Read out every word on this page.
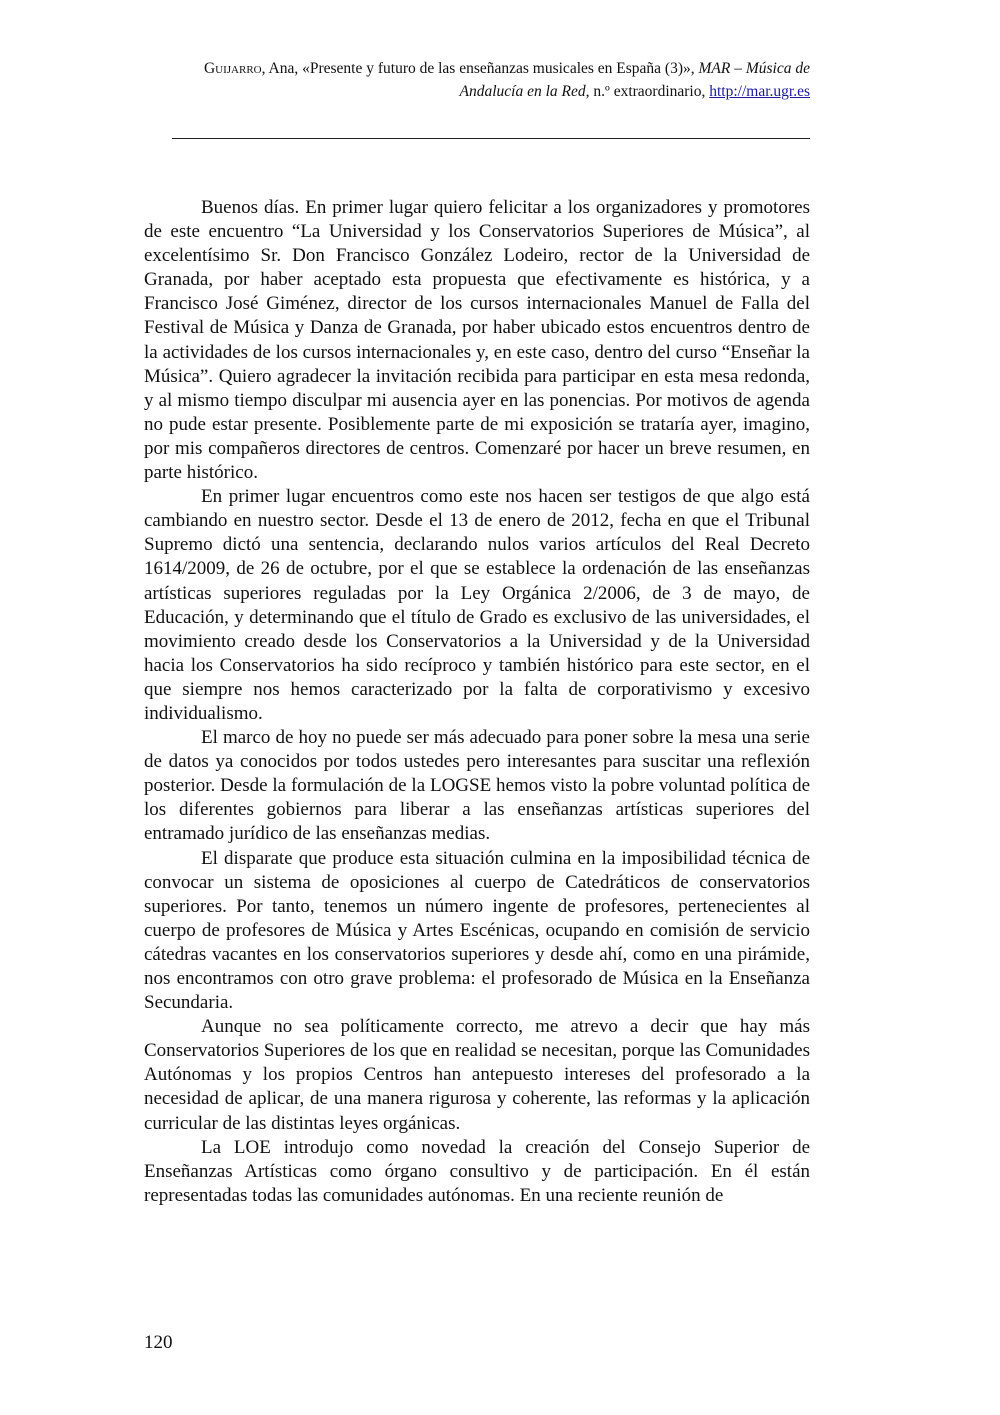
Guijarro, Ana, «Presente y futuro de las enseñanzas musicales en España (3)», MAR – Música de
Andalucía en la Red, n.º extraordinario, http://mar.ugr.es

Buenos días. En primer lugar quiero felicitar a los organizadores y promotores de este encuentro “La Universidad y los Conservatorios Superiores de Música”, al excelentísimo Sr. Don Francisco González Lodeiro, rector de la Universidad de Granada, por haber aceptado esta propuesta que efectivamente es histórica, y a Francisco José Giménez, director de los cursos internacionales Manuel de Falla del Festival de Música y Danza de Granada, por haber ubicado estos encuentros dentro de la actividades de los cursos internacionales y, en este caso, dentro del curso “Enseñar la Música”. Quiero agradecer la invitación recibida para participar en esta mesa redonda, y al mismo tiempo disculpar mi ausencia ayer en las ponencias. Por motivos de agenda no pude estar presente. Posiblemente parte de mi exposición se trataría ayer, imagino, por mis compañeros directores de centros. Comenzaré por hacer un breve resumen, en parte histórico.

En primer lugar encuentros como este nos hacen ser testigos de que algo está cambiando en nuestro sector. Desde el 13 de enero de 2012, fecha en que el Tribunal Supremo dictó una sentencia, declarando nulos varios artículos del Real Decreto 1614/2009, de 26 de octubre, por el que se establece la ordenación de las enseñanzas artísticas superiores reguladas por la Ley Orgánica 2/2006, de 3 de mayo, de Educación, y determinando que el título de Grado es exclusivo de las universidades, el movimiento creado desde los Conservatorios a la Universidad y de la Universidad hacia los Conservatorios ha sido recíproco y también histórico para este sector, en el que siempre nos hemos caracterizado por la falta de corporativismo y excesivo individualismo.

El marco de hoy no puede ser más adecuado para poner sobre la mesa una serie de datos ya conocidos por todos ustedes pero interesantes para suscitar una reflexión posterior. Desde la formulación de la LOGSE hemos visto la pobre voluntad política de los diferentes gobiernos para liberar a las enseñanzas artísticas superiores del entramado jurídico de las enseñanzas medias.

El disparate que produce esta situación culmina en la imposibilidad técnica de convocar un sistema de oposiciones al cuerpo de Catedráticos de conservatorios superiores. Por tanto, tenemos un número ingente de profesores, pertenecientes al cuerpo de profesores de Música y Artes Escénicas, ocupando en comisión de servicio cátedras vacantes en los conservatorios superiores y desde ahí, como en una pirámide, nos encontramos con otro grave problema: el profesorado de Música en la Enseñanza Secundaria.

Aunque no sea políticamente correcto, me atrevo a decir que hay más Conservatorios Superiores de los que en realidad se necesitan, porque las Comunidades Autónomas y los propios Centros han antepuesto intereses del profesorado a la necesidad de aplicar, de una manera rigurosa y coherente, las reformas y la aplicación curricular de las distintas leyes orgánicas.

La LOE introdujo como novedad la creación del Consejo Superior de Enseñanzas Artísticas como órgano consultivo y de participación. En él están representadas todas las comunidades autónomas. En una reciente reunión de

120
